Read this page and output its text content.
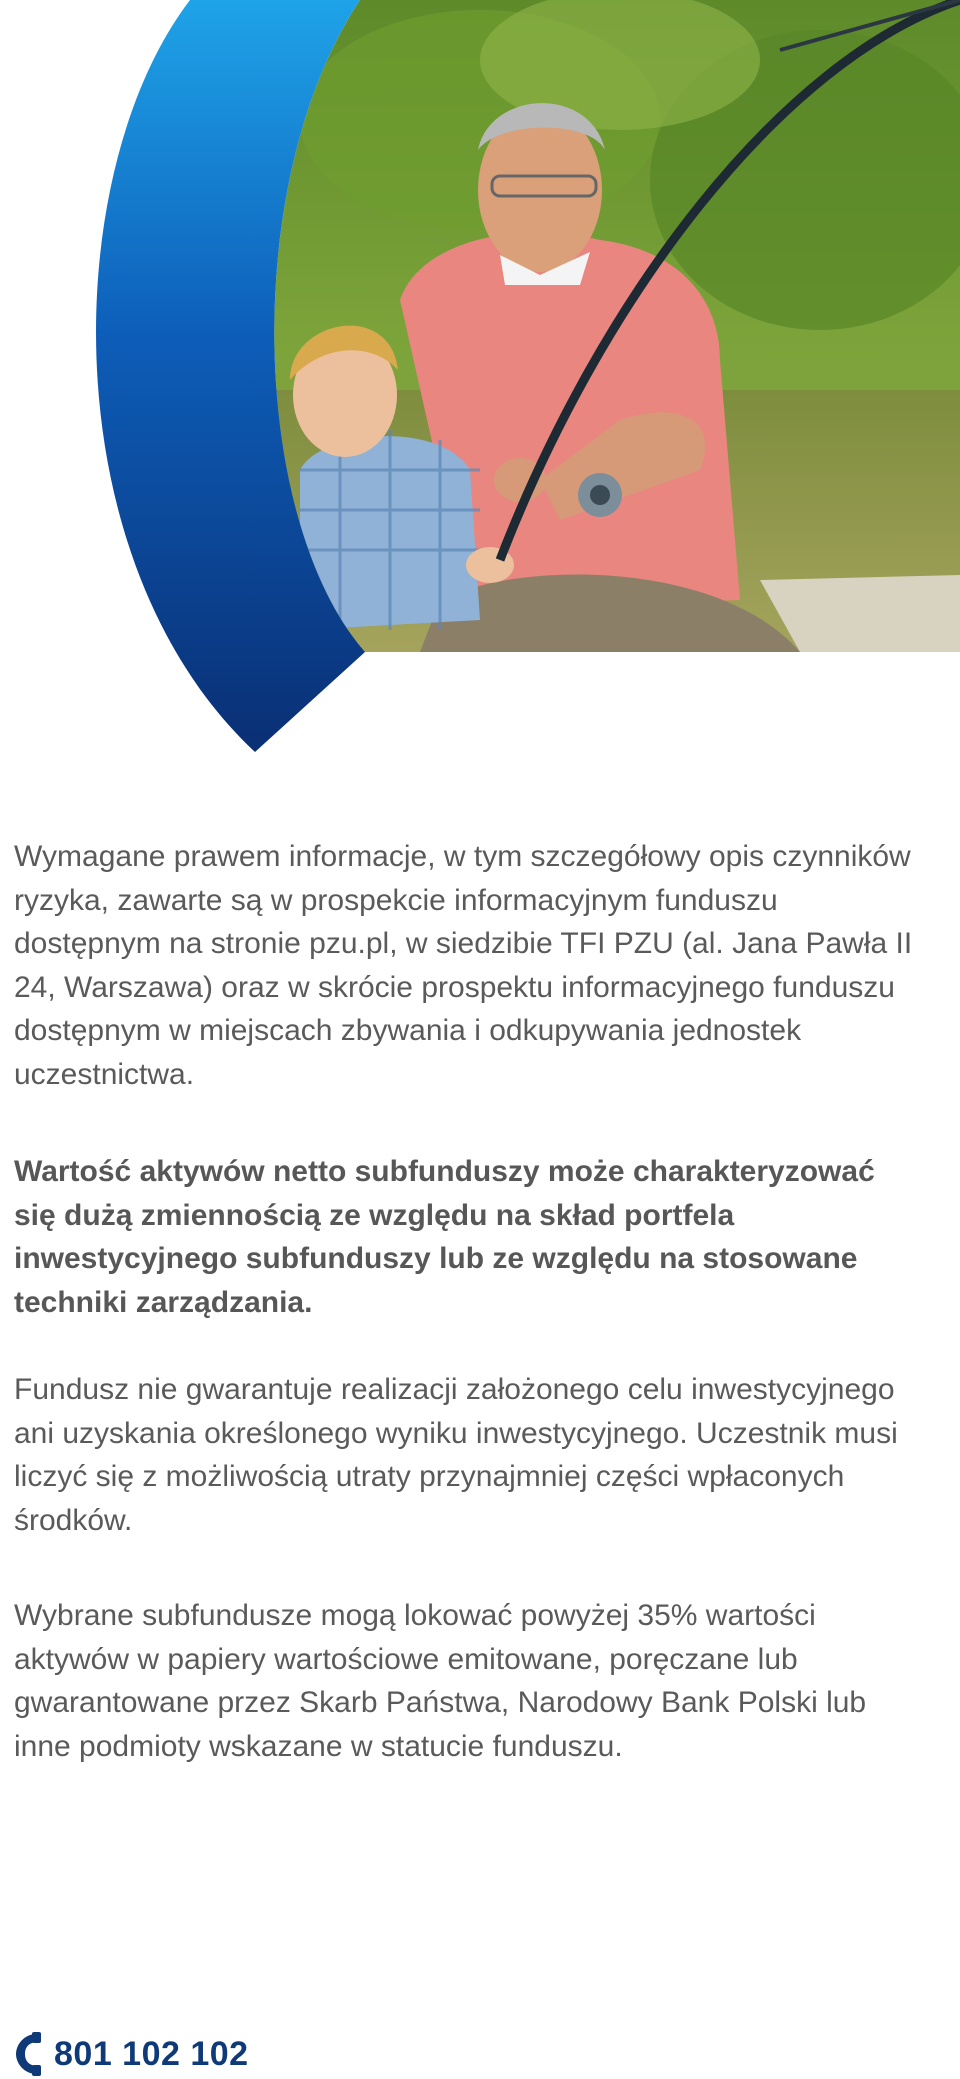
Wymagane prawem informacje, w tym szczegółowy opis czynników ryzyka, zawarte są w prospekcie informacyjnym funduszu dostępnym na stronie pzu.pl, w siedzibie TFI PZU (al. Jana Pawła II 24, Warszawa) oraz w skrócie prospektu informacyjnego funduszu dostępnym w miejscach zbywania i odkupywania jednostek uczestnictwa.

Wartość aktywów netto subfunduszy może charakteryzować się dużą zmiennością ze względu na skład portfela inwestycyjnego subfunduszy lub ze względu na stosowane techniki zarządzania.

Fundusz nie gwarantuje realizacji założonego celu inwestycyjnego ani uzyskania określonego wyniku inwestycyjnego. Uczestnik musi liczyć się z możliwością utraty przynajmniej części wpłaconych środków.

Wybrane subfundusze mogą lokować powyżej 35% wartości aktywów w papiery wartościowe emitowane, poręczane lub gwarantowane przez Skarb Państwa, Narodowy Bank Polski lub inne podmioty wskazane w statucie funduszu.

801 102 102
